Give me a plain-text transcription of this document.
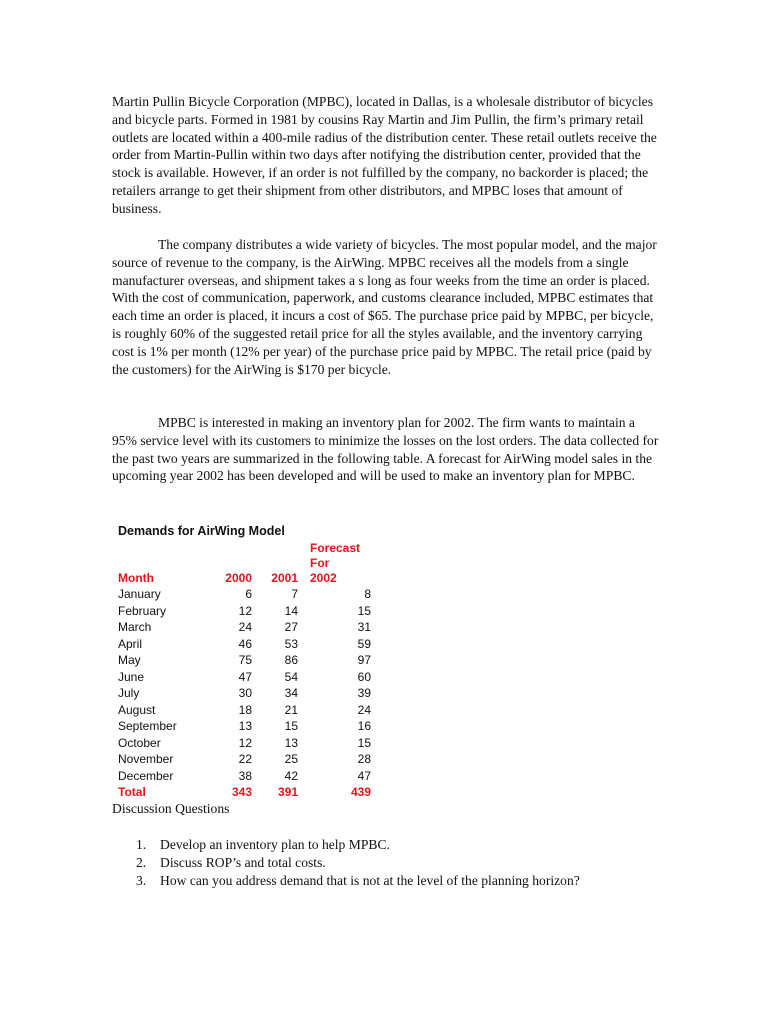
Martin Pullin Bicycle Corporation (MPBC), located in Dallas, is a wholesale distributor of bicycles and bicycle parts. Formed in 1981 by cousins Ray Martin and Jim Pullin, the firm’s primary retail outlets are located within a 400-mile radius of the distribution center. These retail outlets receive the order from Martin-Pullin within two days after notifying the distribution center, provided that the stock is available. However, if an order is not fulfilled by the company, no backorder is placed; the retailers arrange to get their shipment from other distributors, and MPBC loses that amount of business.

The company distributes a wide variety of bicycles. The most popular model, and the major source of revenue to the company, is the AirWing. MPBC receives all the models from a single manufacturer overseas, and shipment takes a s long as four weeks from the time an order is placed. With the cost of communication, paperwork, and customs clearance included, MPBC estimates that each time an order is placed, it incurs a cost of $65. The purchase price paid by MPBC, per bicycle, is roughly 60% of the suggested retail price for all the styles available, and the inventory carrying cost is 1% per month (12% per year) of the purchase price paid by MPBC. The retail price (paid by the customers) for the AirWing is $170 per bicycle.

MPBC is interested in making an inventory plan for 2002. The firm wants to maintain a 95% service level with its customers to minimize the losses on the lost orders. The data collected for the past two years are summarized in the following table. A forecast for AirWing model sales in the upcoming year 2002 has been developed and will be used to make an inventory plan for MPBC.

Demands for AirWing Model
Month	2000	2001	Forecast For
2002
January	6	7	8
February	12	14	15
March	24	27	31
April	46	53	59
May	75	86	97
June	47	54	60
July	30	34	39
August	18	21	24
September	13	15	16
October	12	13	15
November	22	25	28
December	38	42	47
Total	343	391	439

Discussion Questions

1. Develop an inventory plan to help MPBC.
2. Discuss ROP’s and total costs.
3. How can you address demand that is not at the level of the planning horizon?
